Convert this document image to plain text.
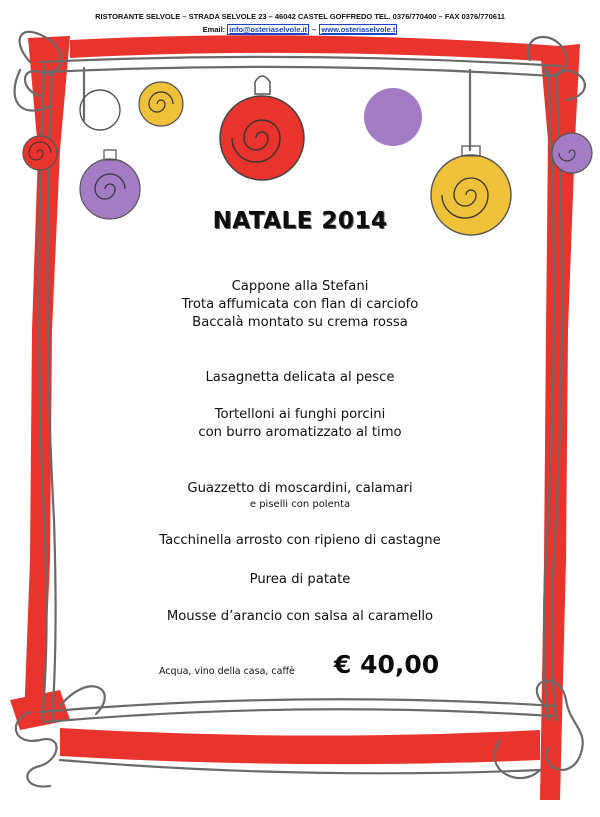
RISTORANTE SELVOLE – STRADA SELVOLE 23 – 46042 CASTEL GOFFREDO TEL. 0376/770400 – FAX 0376/770611
Email: info@osteriaselvole.it – www.osteriaselvole.t
NATALE 2014
Cappone alla Stefani
Trota affumicata con flan di carciofo
Baccalà montato su crema rossa
Lasagnetta delicata al pesce
Tortelloni ai funghi porcini
con burro aromatizzato al timo
Guazzetto di moscardini, calamari
e piselli con polenta
Tacchinella arrosto con ripieno di castagne
Purea di patate
Mousse d’arancio con salsa al caramello
Acqua, vino della casa, caffè € 40,00
